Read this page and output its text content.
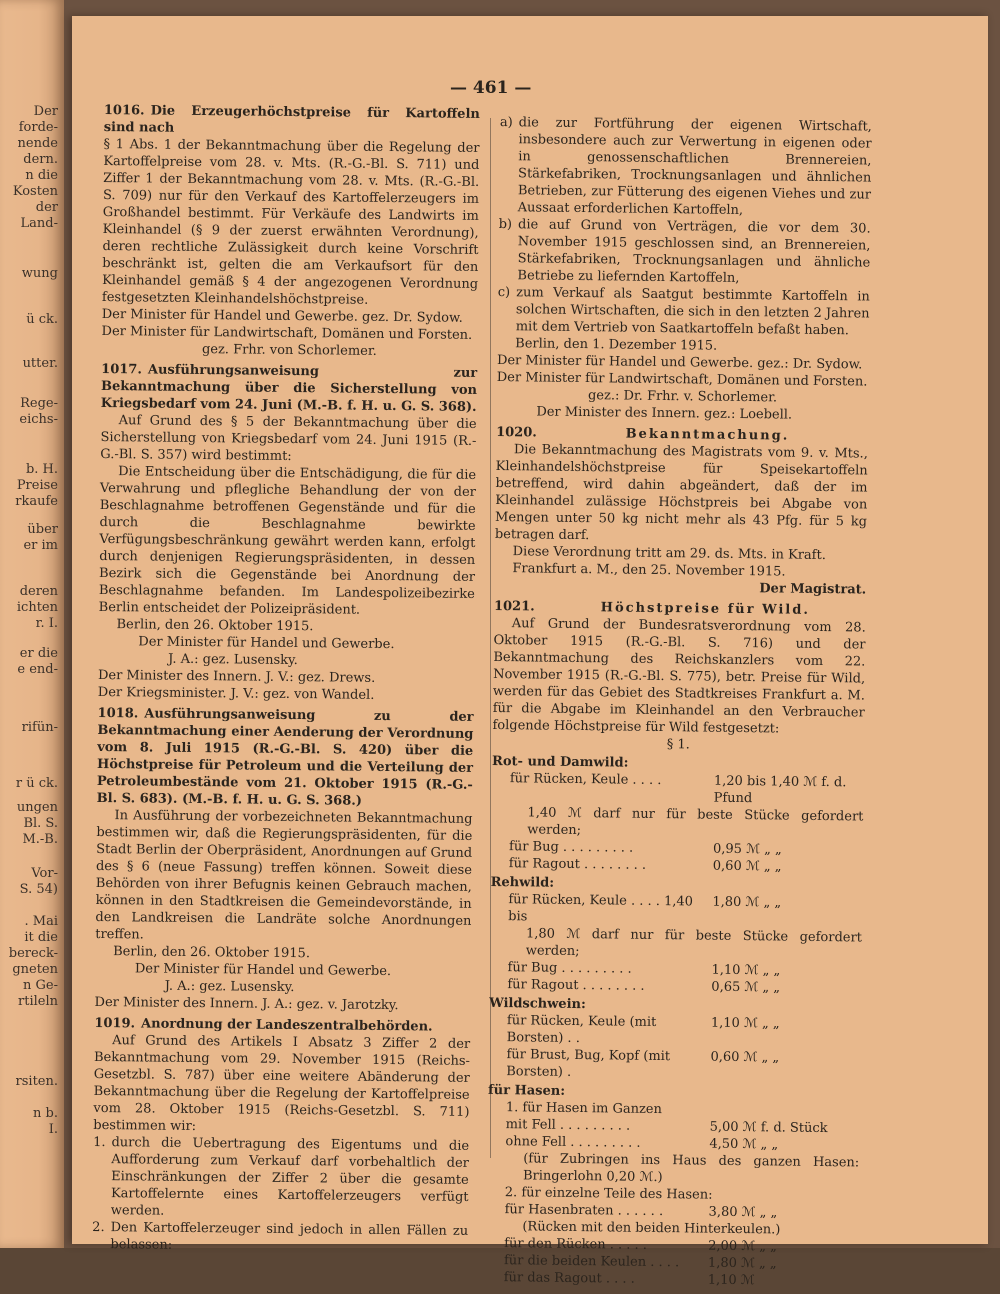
Der
forde-
nende
dern.
n die
Kosten
der
Land-
wung
ü ck.
utter.
Rege-
eichs-
b. H.
Preise
rkaufe
über
er im
deren
ichten
r. I.
er die
e end-
rifün-
r ü ck.
ungen
Bl. S.
M.-B.
Vor-
S. 54)
. Mai
it die
bereck-
gneten
n Ge-
rtileln
rsiten.
n b.
I.
— 461 —

1016. Die Erzeugerhöchstpreise für Kartoffeln sind nach

§ 1 Abs. 1 der Bekanntmachung über die Regelung der Kartoffelpreise vom 28. v. Mts. (R.-G.-Bl. S. 711) und Ziffer 1 der Bekanntmachung vom 28. v. Mts. (R.-G.-Bl. S. 709) nur für den Verkauf des Kartoffelerzeugers im Großhandel bestimmt. Für Verkäufe des Landwirts im Kleinhandel (§ 9 der zuerst erwähnten Verordnung), deren rechtliche Zulässigkeit durch keine Vorschrift beschränkt ist, gelten die am Verkaufsort für den Kleinhandel gemäß § 4 der angezogenen Verordnung festgesetzten Kleinhandelshöchstpreise.

Der Minister für Handel und Gewerbe. gez. Dr. Sydow.

Der Minister für Landwirtschaft, Domänen und Forsten.

gez. Frhr. von Schorlemer.

1017. Ausführungsanweisung zur Bekanntmachung über die Sicherstellung von Kriegsbedarf vom 24. Juni (M.-B. f. H. u. G. S. 368).

Auf Grund des § 5 der Bekanntmachung über die Sicherstellung von Kriegsbedarf vom 24. Juni 1915 (R.-G.-Bl. S. 357) wird bestimmt:

Die Entscheidung über die Entschädigung, die für die Verwahrung und pflegliche Behandlung der von der Beschlagnahme betroffenen Gegenstände und für die durch die Beschlagnahme bewirkte Verfügungsbeschränkung gewährt werden kann, erfolgt durch denjenigen Regierungspräsidenten, in dessen Bezirk sich die Gegenstände bei Anordnung der Beschlagnahme befanden. Im Landespolizeibezirke Berlin entscheidet der Polizeipräsident.

Berlin, den 26. Oktober 1915.

Der Minister für Handel und Gewerbe.

J. A.: gez. Lusensky.

Der Minister des Innern. J. V.: gez. Drews.

Der Kriegsminister. J. V.: gez. von Wandel.

1018. Ausführungsanweisung zu der Bekanntmachung einer Aenderung der Verordnung vom 8. Juli 1915 (R.-G.-Bl. S. 420) über die Höchstpreise für Petroleum und die Verteilung der Petroleumbestände vom 21. Oktober 1915 (R.-G.-Bl. S. 683). (M.-B. f. H. u. G. S. 368.)

In Ausführung der vorbezeichneten Bekanntmachung bestimmen wir, daß die Regierungspräsidenten, für die Stadt Berlin der Oberpräsident, Anordnungen auf Grund des § 6 (neue Fassung) treffen können. Soweit diese Behörden von ihrer Befugnis keinen Gebrauch machen, können in den Stadtkreisen die Gemeindevorstände, in den Landkreisen die Landräte solche Anordnungen treffen.

Berlin, den 26. Oktober 1915.

Der Minister für Handel und Gewerbe.

J. A.: gez. Lusensky.

Der Minister des Innern. J. A.: gez. v. Jarotzky.

1019. Anordnung der Landeszentralbehörden.

Auf Grund des Artikels I Absatz 3 Ziffer 2 der Bekanntmachung vom 29. November 1915 (Reichs-Gesetzbl. S. 787) über eine weitere Abänderung der Bekanntmachung über die Regelung der Kartoffelpreise vom 28. Oktober 1915 (Reichs-Gesetzbl. S. 711) bestimmen wir:

1. durch die Uebertragung des Eigentums und die Aufforderung zum Verkauf darf vorbehaltlich der Einschränkungen der Ziffer 2 über die gesamte Kartoffelernte eines Kartoffelerzeugers verfügt werden.
2. Den Kartoffelerzeuger sind jedoch in allen Fällen zu belassen:
a) die zur Fortführung der eigenen Wirtschaft, insbesondere auch zur Verwertung in eigenen oder in genossenschaftlichen Brennereien, Stärkefabriken, Trocknungsanlagen und ähnlichen Betrieben, zur Fütterung des eigenen Viehes und zur Aussaat erforderlichen Kartoffeln,
b) die auf Grund von Verträgen, die vor dem 30. November 1915 geschlossen sind, an Brennereien, Stärkefabriken, Trocknungsanlagen und ähnliche Betriebe zu liefernden Kartoffeln,
c) zum Verkauf als Saatgut bestimmte Kartoffeln in solchen Wirtschaften, die sich in den letzten 2 Jahren mit dem Vertrieb von Saatkartoffeln befaßt haben.

Berlin, den 1. Dezember 1915.

Der Minister für Handel und Gewerbe. gez.: Dr. Sydow.

Der Minister für Landwirtschaft, Domänen und Forsten.

gez.: Dr. Frhr. v. Schorlemer.

Der Minister des Innern. gez.: Loebell.

1020.	Bekanntmachung.

Die Bekanntmachung des Magistrats vom 9. v. Mts., Kleinhandelshöchstpreise für Speisekartoffeln betreffend, wird dahin abgeändert, daß der im Kleinhandel zulässige Höchstpreis bei Abgabe von Mengen unter 50 kg nicht mehr als 43 Pfg. für 5 kg betragen darf.

Diese Verordnung tritt am 29. ds. Mts. in Kraft.

Frankfurt a. M., den 25. November 1915.

Der Magistrat.

1021.	Höchstpreise für Wild.

Auf Grund der Bundesratsverordnung vom 28. Oktober 1915 (R.-G.-Bl. S. 716) und der Bekanntmachung des Reichskanzlers vom 22. November 1915 (R.-G.-Bl. S. 775), betr. Preise für Wild, werden für das Gebiet des Stadtkreises Frankfurt a. M. für die Abgabe im Kleinhandel an den Verbraucher folgende Höchstpreise für Wild festgesetzt:

§ 1.

Rot- und Damwild:

für Rücken, Keule . . . .	1,20 bis 1,40 ℳ f. d. Pfund

1,40 ℳ darf nur für beste Stücke gefordert werden;

für Bug . . . . . . . . .	0,95 ℳ „ „
für Ragout . . . . . . . .	0,60 ℳ „ „

Rehwild:

für Rücken, Keule . . . . 1,40 bis
1,80 ℳ „ „

1,80 ℳ darf nur für beste Stücke gefordert werden;

für Bug . . . . . . . . .	1,10 ℳ „ „
für Ragout . . . . . . . .	0,65 ℳ „ „

Wildschwein:

für Rücken, Keule (mit Borsten) . .
1,10 ℳ „ „
für Brust, Bug, Kopf (mit Borsten) .
0,60 ℳ „ „

für Hasen:

1. für Hasen im Ganzen

mit Fell . . . . . . . . .	5,00 ℳ f. d. Stück
ohne Fell . . . . . . . . .	4,50 ℳ „ „

(für Zubringen ins Haus des ganzen Hasen: Bringerlohn 0,20 ℳ.)

2. für einzelne Teile des Hasen:

für Hasenbraten . . . . . .	3,80 ℳ „ „

(Rücken mit den beiden Hinterkeulen.)

für den Rücken . . . . .	2,00 ℳ „ „
für die beiden Keulen . . . .	1,80 ℳ „ „
für das Ragout . . . .	1,10 ℳ
